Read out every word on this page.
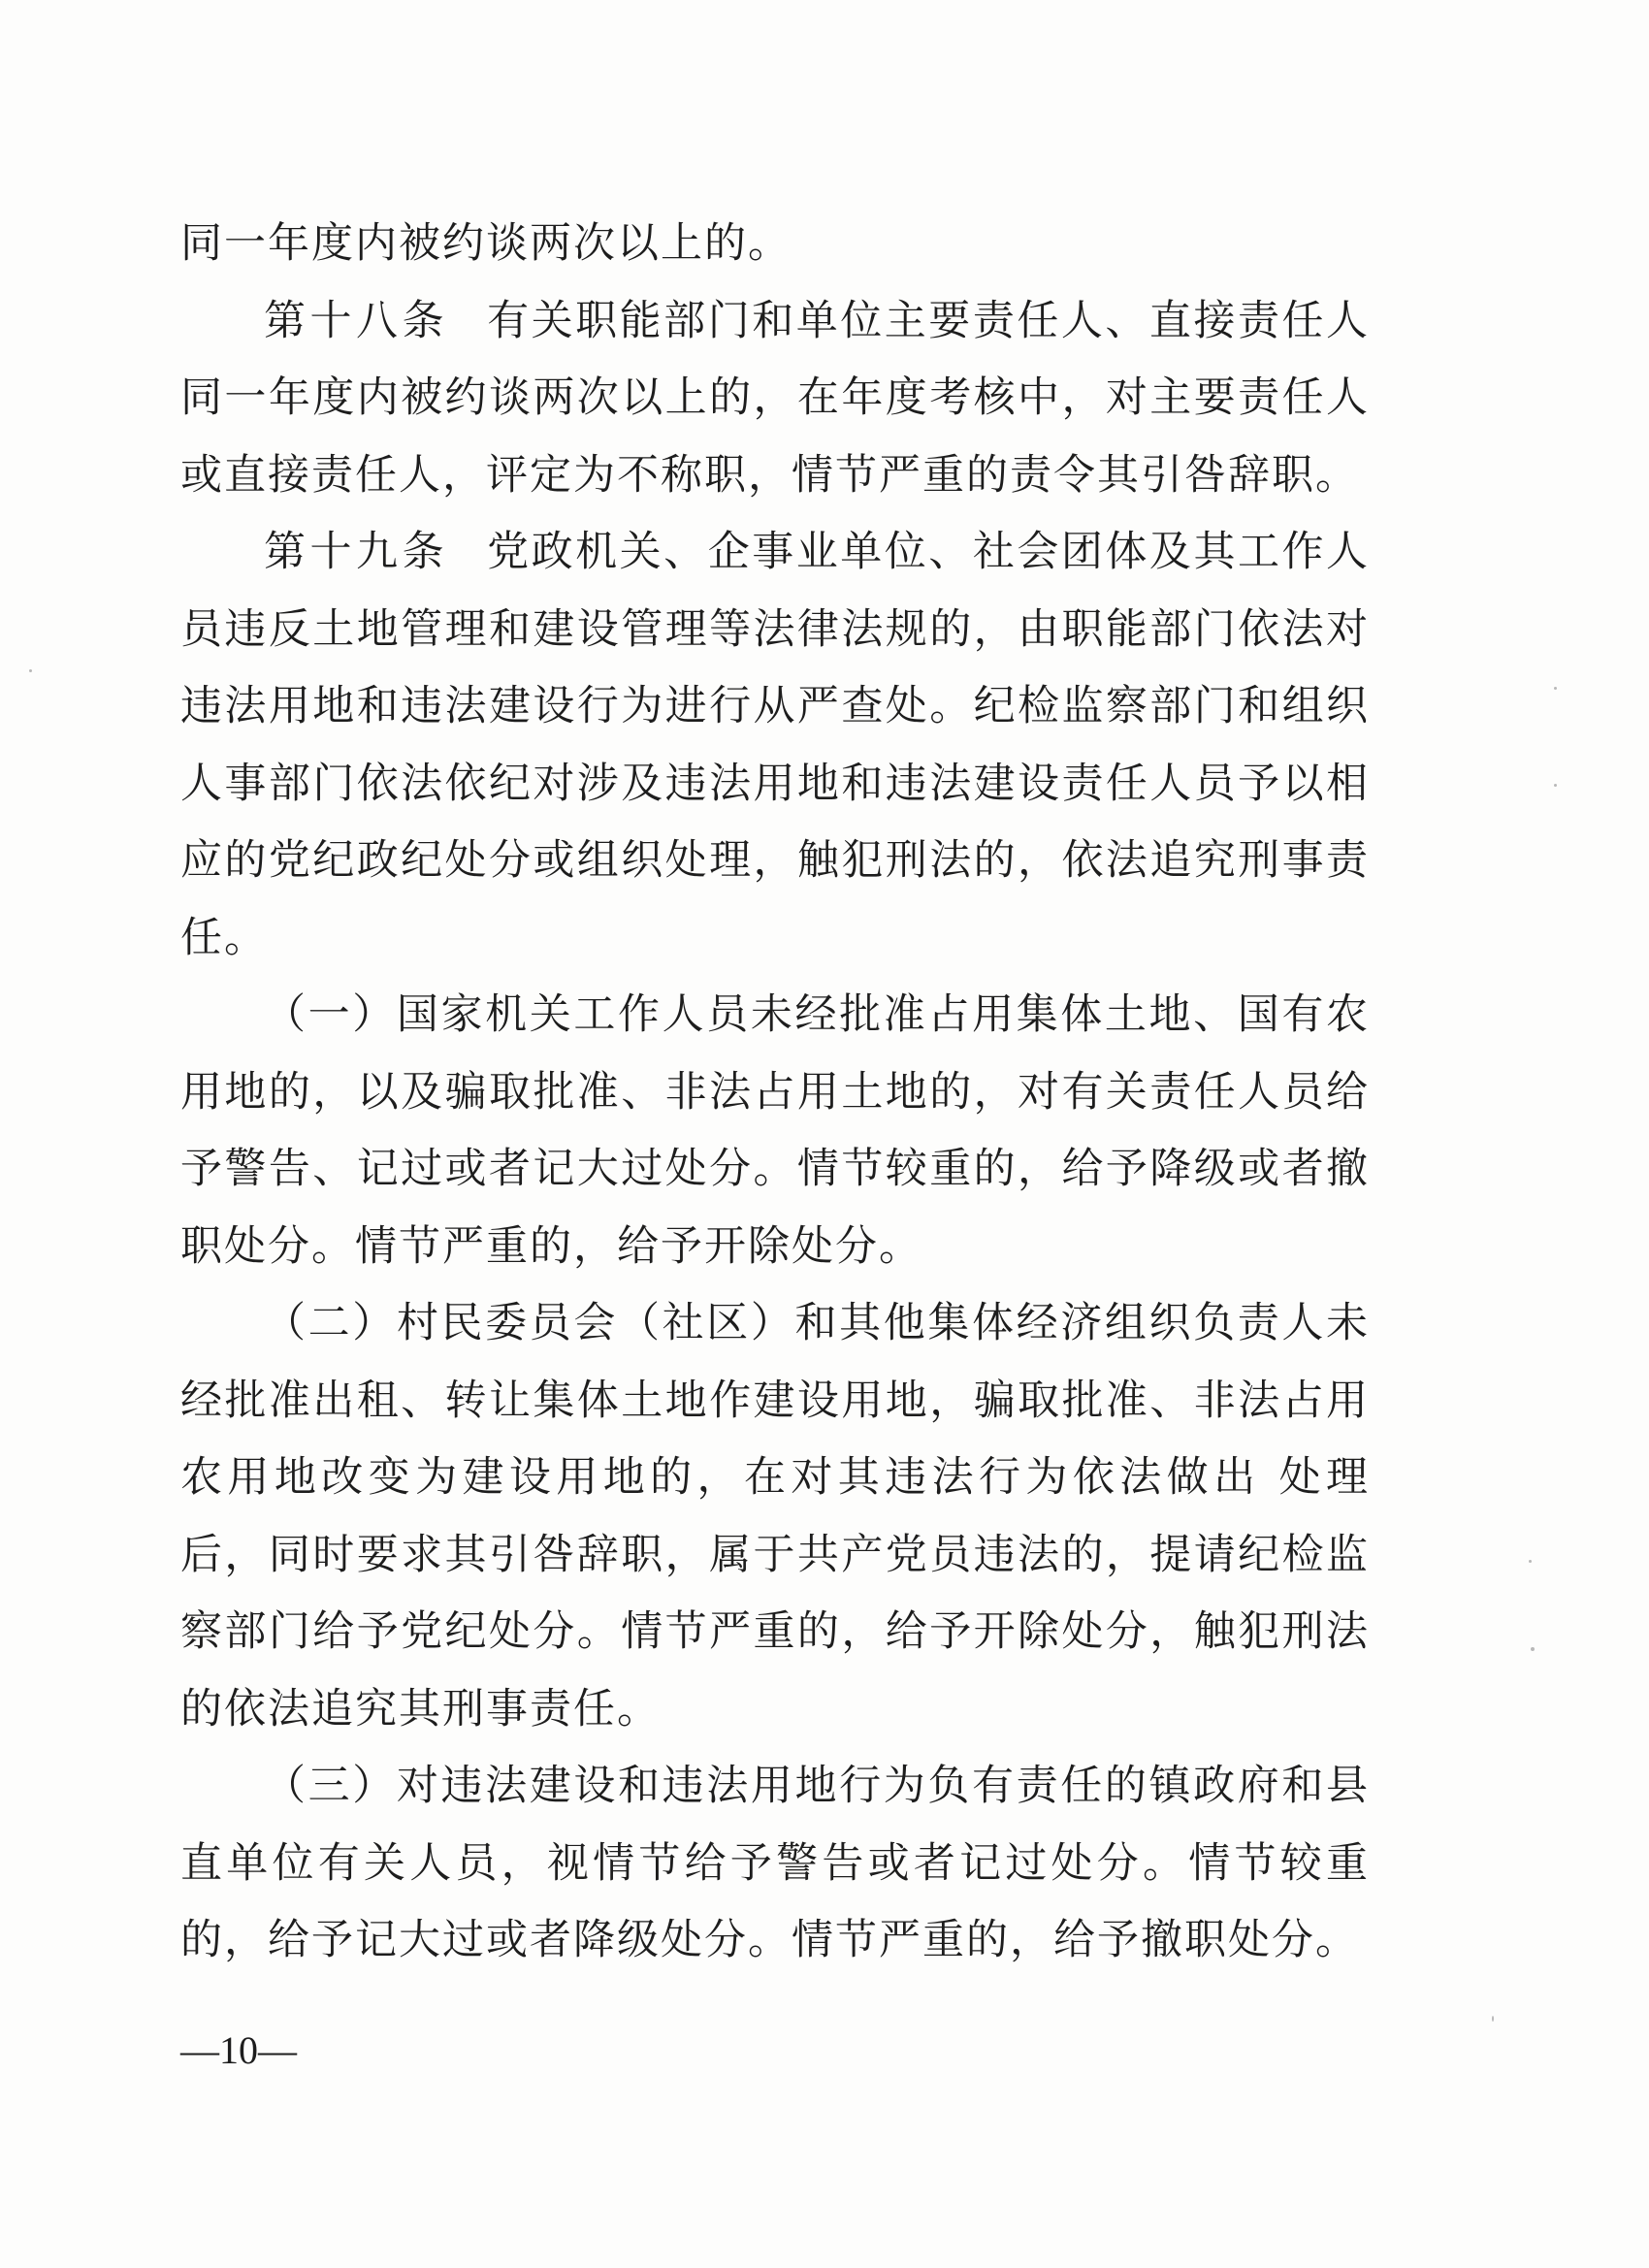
同一年度内被约谈两次以上的。

第十八条 有关职能部门和单位主要责任人、直接责任人同一年度内被约谈两次以上的，在年度考核中，对主要责任人或直接责任人，评定为不称职，情节严重的责令其引咎辞职。

第十九条 党政机关、企事业单位、社会团体及其工作人员违反土地管理和建设管理等法律法规的，由职能部门依法对违法用地和违法建设行为进行从严查处。纪检监察部门和组织人事部门依法依纪对涉及违法用地和违法建设责任人员予以相应的党纪政纪处分或组织处理，触犯刑法的，依法追究刑事责任。

（一）国家机关工作人员未经批准占用集体土地、国有农用地的，以及骗取批准、非法占用土地的，对有关责任人员给予警告、记过或者记大过处分。情节较重的，给予降级或者撤职处分。情节严重的，给予开除处分。

（二）村民委员会（社区）和其他集体经济组织负责人未经批准出租、转让集体土地作建设用地，骗取批准、非法占用农用地改变为建设用地的，在对其违法行为依法做出 处理后，同时要求其引咎辞职，属于共产党员违法的，提请纪检监察部门给予党纪处分。情节严重的，给予开除处分，触犯刑法的依法追究其刑事责任。

（三）对违法建设和违法用地行为负有责任的镇政府和县直单位有关人员，视情节给予警告或者记过处分。情节较重的，给予记大过或者降级处分。情节严重的，给予撤职处分。

—10—
